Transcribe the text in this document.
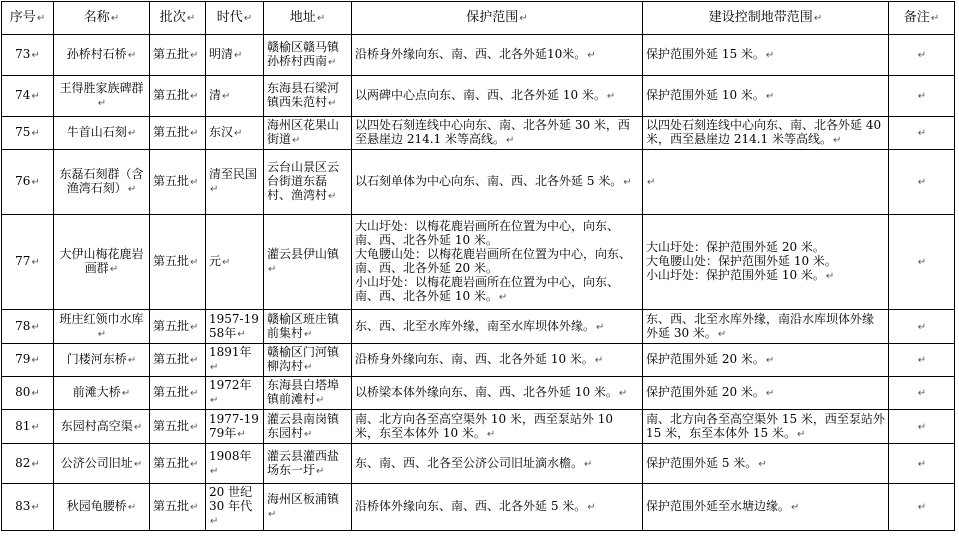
序号↵	名称↵	批次↵	时代↵	地址↵	保护范围↵	建设控制地带范围↵	备注↵
73↵	孙桥村石桥↵	第五批↵	明清↵	赣榆区赣马镇孙桥村西南↵	沿桥身外缘向东、南、西、北各外延10米。↵	保护范围外延 15 米。↵	↵
74↵	王得胜家族碑群↵	第五批↵	清↵	东海县石梁河镇西朱范村↵	以两碑中心点向东、南、西、北各外延 10 米。↵	保护范围外延 10 米。↵	↵
75↵	牛首山石刻↵	第五批↵	东汉↵	海州区花果山街道↵	以四处石刻连线中心向东、南、北各外延 30 米，西至悬崖边 214.1 米等高线。↵	以四处石刻连线中心向东、南、北各外延 40 米，西至悬崖边 214.1 米等高线。↵	↵
76↵	东磊石刻群（含渔湾石刻）↵	第五批↵	清至民国↵	云台山景区云台街道东磊村、渔湾村↵	以石刻单体为中心向东、南、西、北各外延 5 米。↵	↵	↵
77↵	大伊山梅花鹿岩画群↵	第五批↵	元↵	灌云县伊山镇↵	大山圩处：以梅花鹿岩画所在位置为中心，向东、南、西、北各外延 10 米。
大龟腰山处：以梅花鹿岩画所在位置为中心，向东、南、西、北各外延 20 米。
小山圩处：以梅花鹿岩画所在位置为中心，向东、南、西、北各外延 10 米。↵	大山圩处：保护范围外延 20 米。
大龟腰山处：保护范围外延 10 米。
小山圩处：保护范围外延 10 米。↵	↵
78↵	班庄红领巾水库↵	第五批↵	1957-1958年↵	赣榆区班庄镇前集村↵	东、西、北至水库外缘，南至水库坝体外缘。↵	东、西、北至水库外缘，南沿水库坝体外缘外延 30 米。↵	↵
79↵	门楼河东桥↵	第五批↵	1891年↵	赣榆区门河镇柳沟村↵	沿桥身外缘向东、南、西、北各外延 10 米。↵	保护范围外延 20 米。↵	↵
80↵	前滩大桥↵	第五批↵	1972年↵	东海县白塔埠镇前滩村↵	以桥梁本体外缘向东、南、西、北各外延 10 米。↵	保护范围外延 20 米。↵	↵
81↵	东园村高空渠↵	第五批↵	1977-1979年↵	灌云县南岗镇东园村↵	南、北方向各至高空渠外 10 米，西至泵站外 10 米，东至本体外 10 米。↵	南、北方向各至高空渠外 15 米，西至泵站外 15 米，东至本体外 15 米。↵	↵
82↵	公济公司旧址↵	第五批↵	1908年↵	灌云县灌西盐场东一圩↵	东、南、西、北各至公济公司旧址滴水檐。↵	保护范围外延 5 米。↵	↵
83↵	秋园龟腰桥↵	第五批↵	20 世纪 30 年代↵	海州区板浦镇↵	沿桥体外缘向东、南、西、北各外延 5 米。↵	保护范围外延至水塘边缘。↵	↵
